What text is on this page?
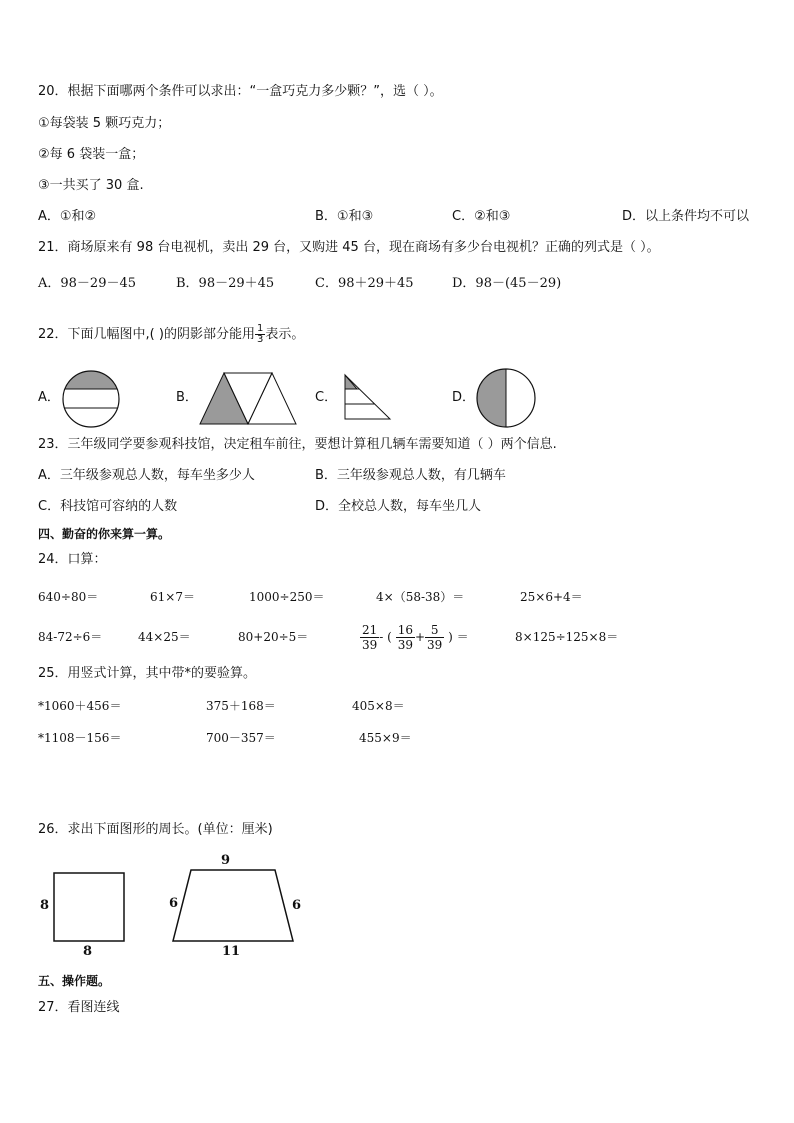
20．根据下面哪两个条件可以求出：“一盒巧克力多少颗？”，选（ ）。
①每袋装 5 颗巧克力；
②每 6 袋装一盒；
③一共买了 30 盒.
A．①和②	B．①和③	C．②和③	D．以上条件均不可以
21．商场原来有 98 台电视机，卖出 29 台，又购进 45 台，现在商场有多少台电视机？正确的列式是（ ）。
A．98－29－45	B．98－29＋45	C．98＋29＋45	D．98－(45－29)
22．下面几幅图中,( )的阴影部分能用 $\frac{1}{3}$ 表示。
A．	B．	C．	D．
23．三年级同学要参观科技馆，决定租车前往，要想计算租几辆车需要知道（ ）两个信息.
A．三年级参观总人数，每车坐多少人	B．三年级参观总人数，有几辆车
C．科技馆可容纳的人数	D．全校总人数，每车坐几人
四、勤奋的你来算一算。
24．口算：
640÷80＝	61×7＝	1000÷250＝	4×（58-38）＝	25×6+4＝
84-72÷6＝	44×25＝	80+20÷5＝	$\frac{21}{39}$ - ( $\frac{16}{39} + \frac{5}{39}$ ) ＝	8×125÷125×8＝
25．用竖式计算，其中带*的要验算。
*1060＋456＝	375＋168＝	405×8＝
*1108－156＝	700－357＝	455×9＝
26．求出下面图形的周长。(单位：厘米)
8
8
9
6	6
11
五、操作题。
27．看图连线
